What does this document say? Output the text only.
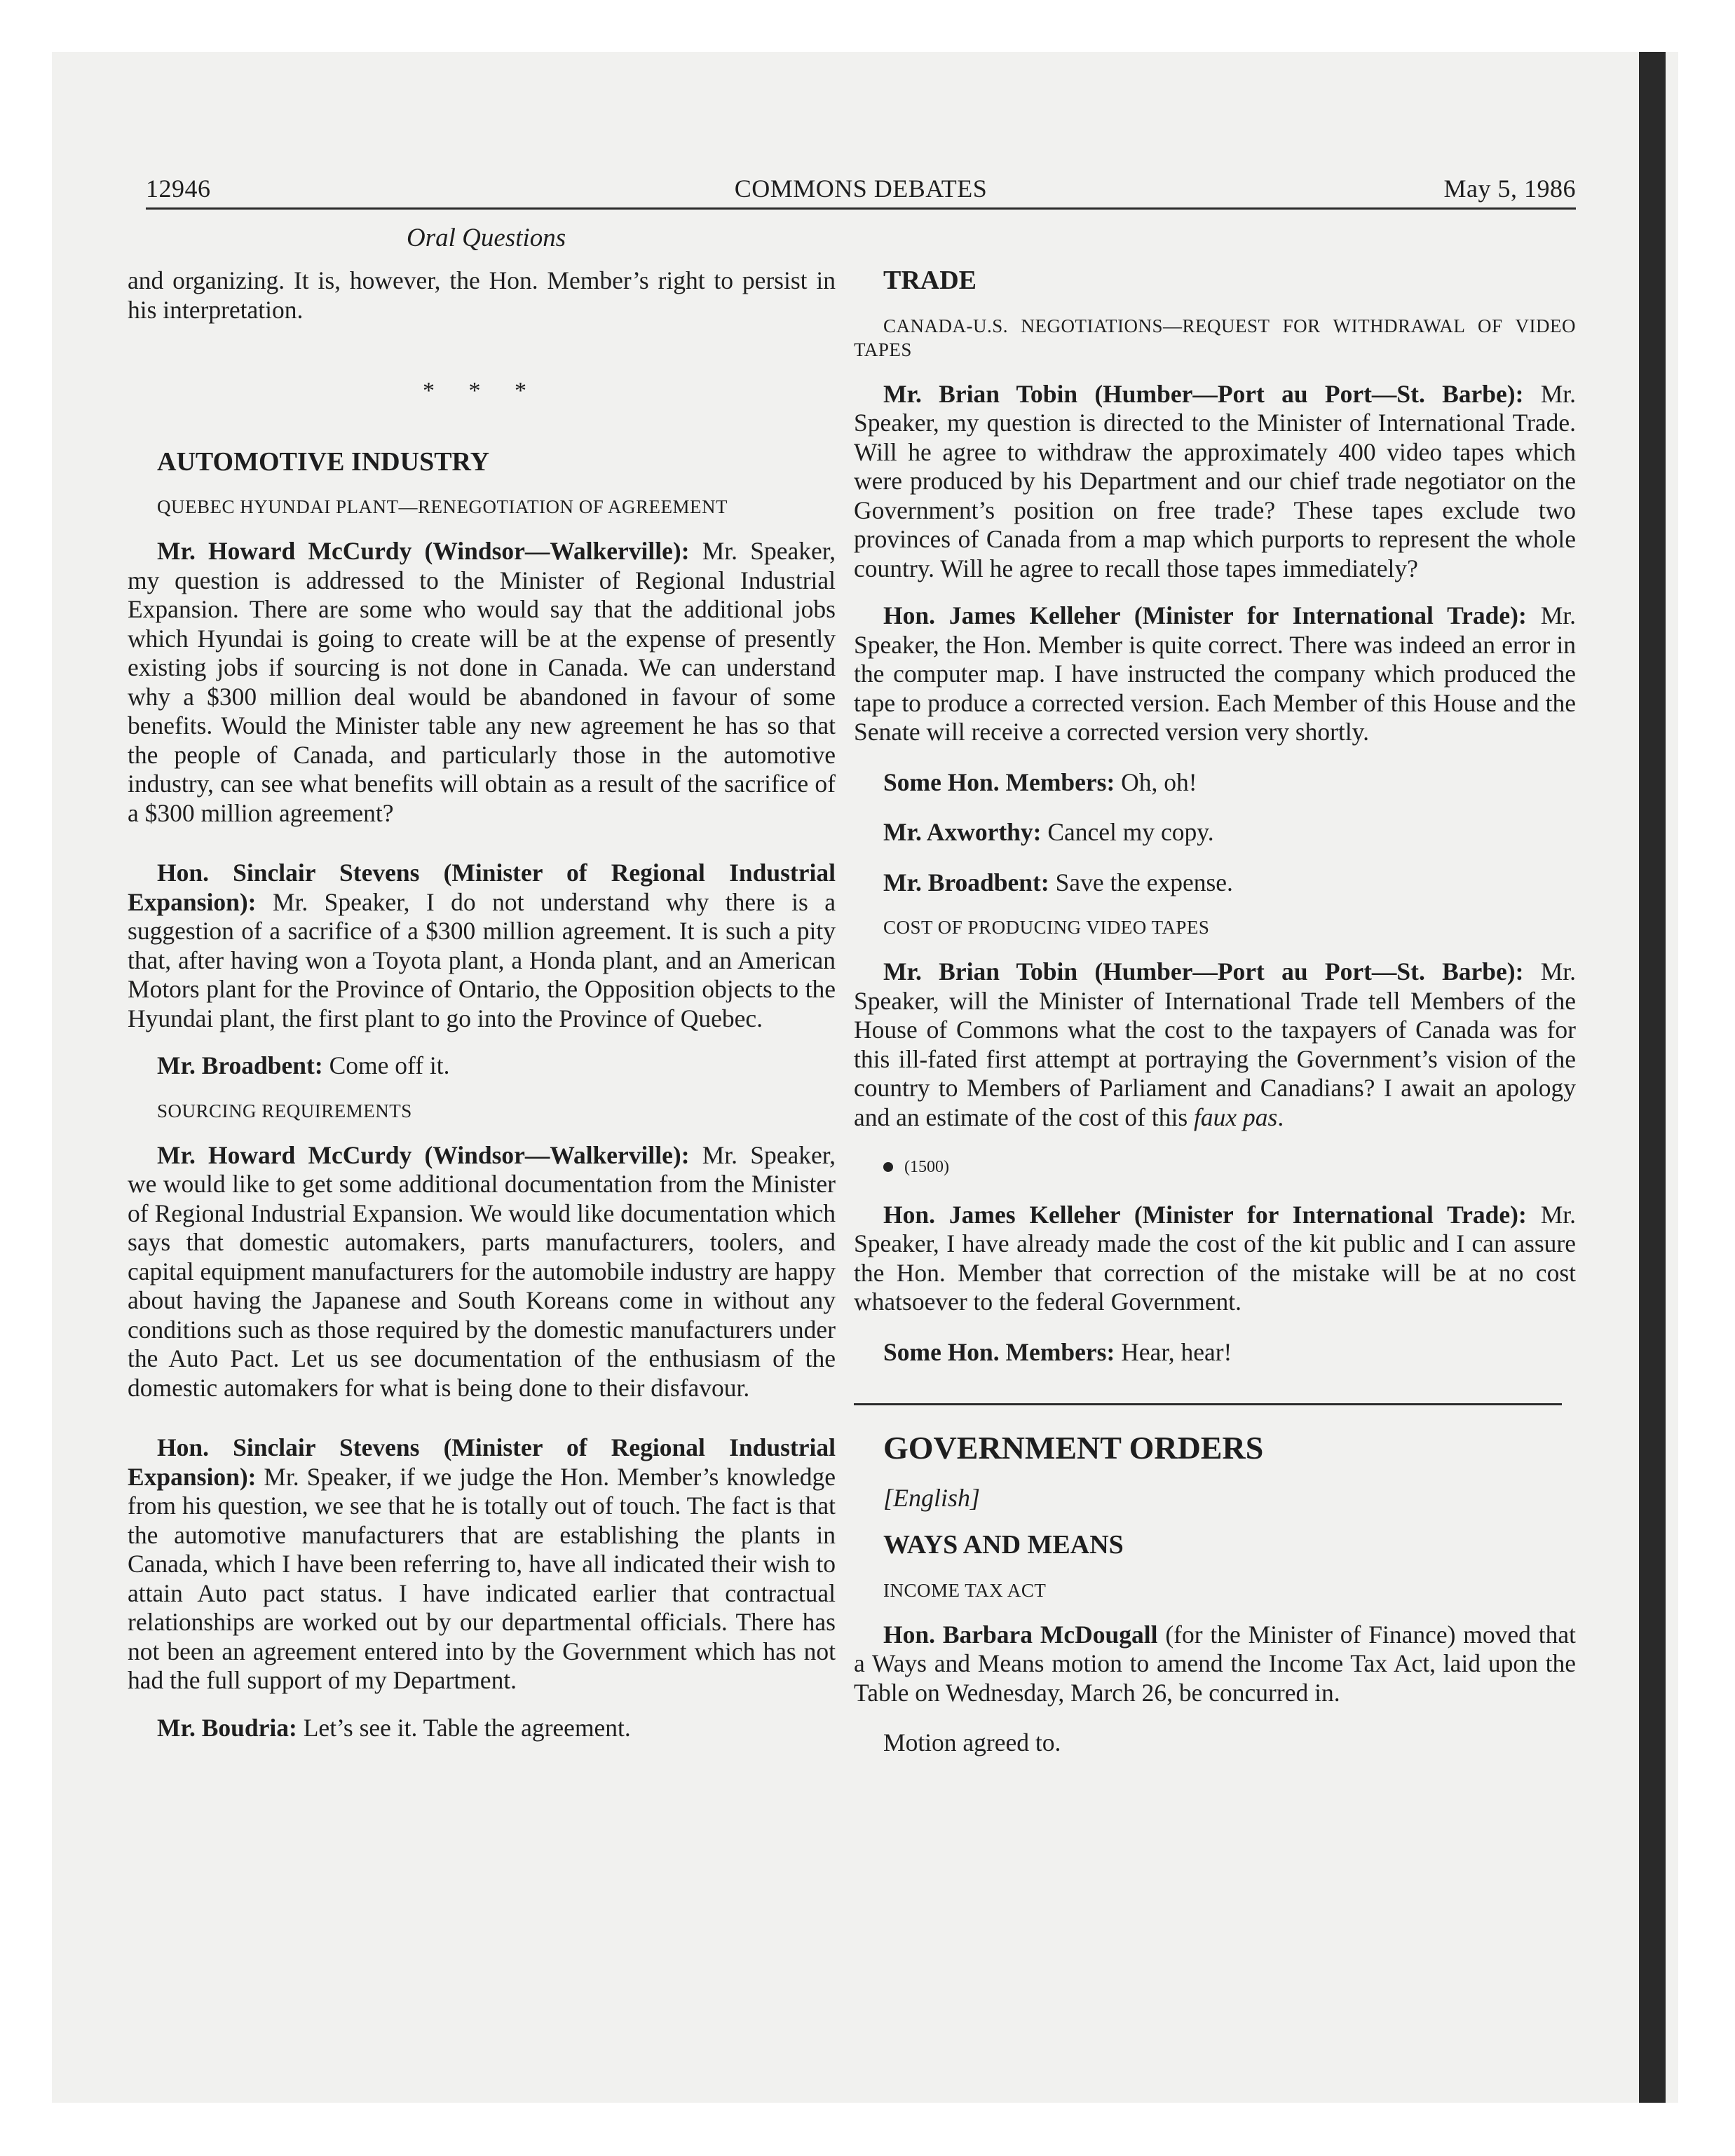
12946	COMMONS DEBATES	May 5, 1986
Oral Questions

and organizing. It is, however, the Hon. Member’s right to persist in his interpretation.

* * *

AUTOMOTIVE INDUSTRY

QUEBEC HYUNDAI PLANT—RENEGOTIATION OF AGREEMENT

Mr. Howard McCurdy (Windsor—Walkerville): Mr. Speaker, my question is addressed to the Minister of Regional Industrial Expansion. There are some who would say that the additional jobs which Hyundai is going to create will be at the expense of presently existing jobs if sourcing is not done in Canada. We can understand why a $300 million deal would be abandoned in favour of some benefits. Would the Minister table any new agreement he has so that the people of Canada, and particularly those in the automotive industry, can see what benefits will obtain as a result of the sacrifice of a $300 million agreement?

Hon. Sinclair Stevens (Minister of Regional Industrial Expansion): Mr. Speaker, I do not understand why there is a suggestion of a sacrifice of a $300 million agreement. It is such a pity that, after having won a Toyota plant, a Honda plant, and an American Motors plant for the Province of Ontario, the Opposition objects to the Hyundai plant, the first plant to go into the Province of Quebec.

Mr. Broadbent: Come off it.

SOURCING REQUIREMENTS

Mr. Howard McCurdy (Windsor—Walkerville): Mr. Speaker, we would like to get some additional documentation from the Minister of Regional Industrial Expansion. We would like documentation which says that domestic automakers, parts manufacturers, toolers, and capital equipment manufacturers for the automobile industry are happy about having the Japanese and South Koreans come in without any conditions such as those required by the domestic manufacturers under the Auto Pact. Let us see documentation of the enthusiasm of the domestic automakers for what is being done to their disfavour.

Hon. Sinclair Stevens (Minister of Regional Industrial Expansion): Mr. Speaker, if we judge the Hon. Member’s knowledge from his question, we see that he is totally out of touch. The fact is that the automotive manufacturers that are establishing the plants in Canada, which I have been referring to, have all indicated their wish to attain Auto pact status. I have indicated earlier that contractual relationships are worked out by our departmental officials. There has not been an agreement entered into by the Government which has not had the full support of my Department.

Mr. Boudria: Let’s see it. Table the agreement.

TRADE

CANADA-U.S. NEGOTIATIONS—REQUEST FOR WITHDRAWAL OF VIDEO TAPES

Mr. Brian Tobin (Humber—Port au Port—St. Barbe): Mr. Speaker, my question is directed to the Minister of International Trade. Will he agree to withdraw the approximately 400 video tapes which were produced by his Department and our chief trade negotiator on the Government’s position on free trade? These tapes exclude two provinces of Canada from a map which purports to represent the whole country. Will he agree to recall those tapes immediately?

Hon. James Kelleher (Minister for International Trade): Mr. Speaker, the Hon. Member is quite correct. There was indeed an error in the computer map. I have instructed the company which produced the tape to produce a corrected version. Each Member of this House and the Senate will receive a corrected version very shortly.

Some Hon. Members: Oh, oh!

Mr. Axworthy: Cancel my copy.

Mr. Broadbent: Save the expense.

COST OF PRODUCING VIDEO TAPES

Mr. Brian Tobin (Humber—Port au Port—St. Barbe): Mr. Speaker, will the Minister of International Trade tell Members of the House of Commons what the cost to the taxpayers of Canada was for this ill-fated first attempt at portraying the Government’s vision of the country to Members of Parliament and Canadians? I await an apology and an estimate of the cost of this faux pas.

(1500)

Hon. James Kelleher (Minister for International Trade): Mr. Speaker, I have already made the cost of the kit public and I can assure the Hon. Member that correction of the mistake will be at no cost whatsoever to the federal Government.

Some Hon. Members: Hear, hear!

GOVERNMENT ORDERS

[English]

WAYS AND MEANS

INCOME TAX ACT

Hon. Barbara McDougall (for the Minister of Finance) moved that a Ways and Means motion to amend the Income Tax Act, laid upon the Table on Wednesday, March 26, be concurred in.

Motion agreed to.
